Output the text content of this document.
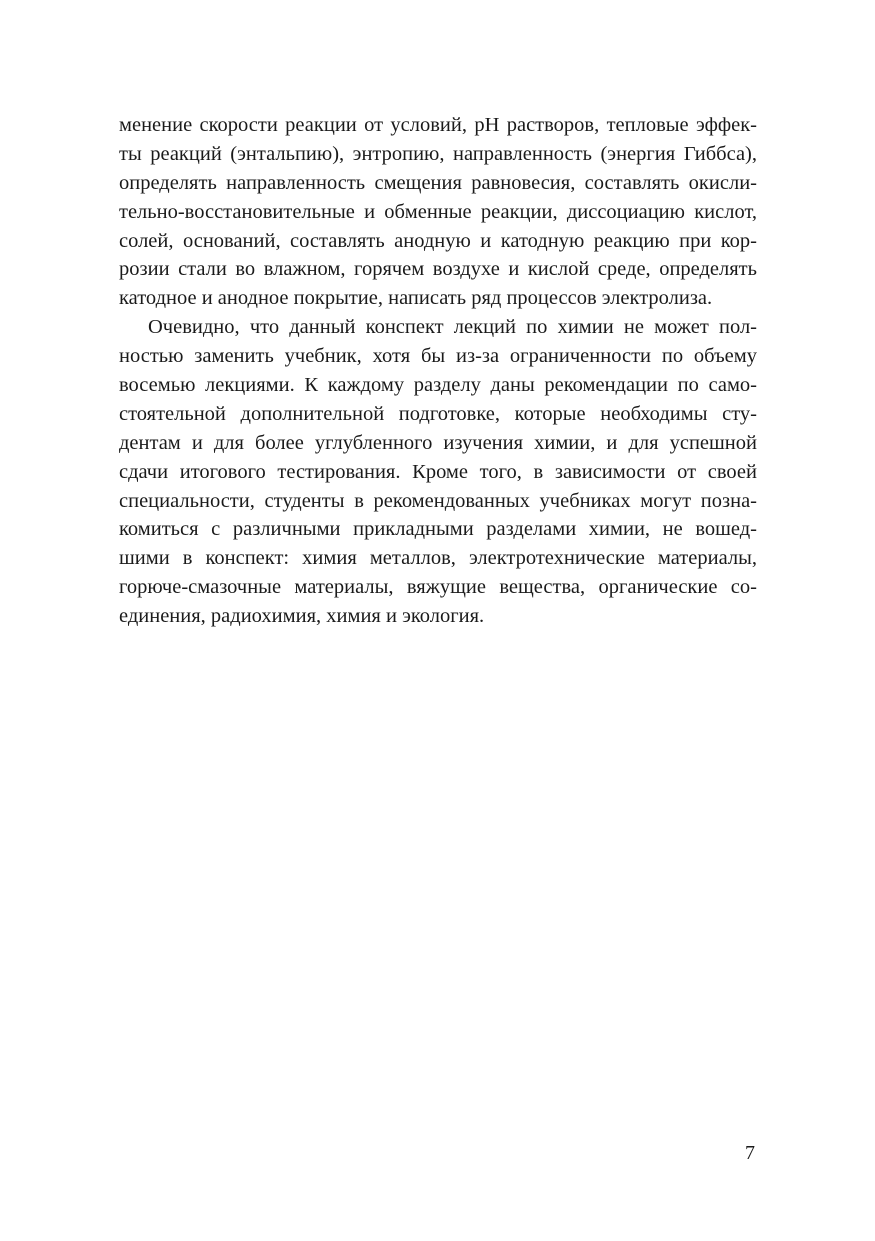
менение скорости реакции от условий, pH растворов, тепловые эффек-
ты реакций (энтальпию), энтропию, направленность (энергия Гиббса),
определять направленность смещения равновесия, составлять окисли-
тельно-восстановительные и обменные реакции, диссоциацию кислот,
солей, оснований, составлять анодную и катодную реакцию при кор-
розии стали во влажном, горячем воздухе и кислой среде, определять
катодное и анодное покрытие, написать ряд процессов электролиза.
Очевидно, что данный конспект лекций по химии не может пол-
ностью заменить учебник, хотя бы из-за ограниченности по объему
восемью лекциями. К каждому разделу даны рекомендации по само-
стоятельной дополнительной подготовке, которые необходимы сту-
дентам и для более углубленного изучения химии, и для успешной
сдачи итогового тестирования. Кроме того, в зависимости от своей
специальности, студенты в рекомендованных учебниках могут позна-
комиться с различными прикладными разделами химии, не вошед-
шими в конспект: химия металлов, электротехнические материалы,
горюче-смазочные материалы, вяжущие вещества, органические со-
единения, радиохимия, химия и экология.
7
